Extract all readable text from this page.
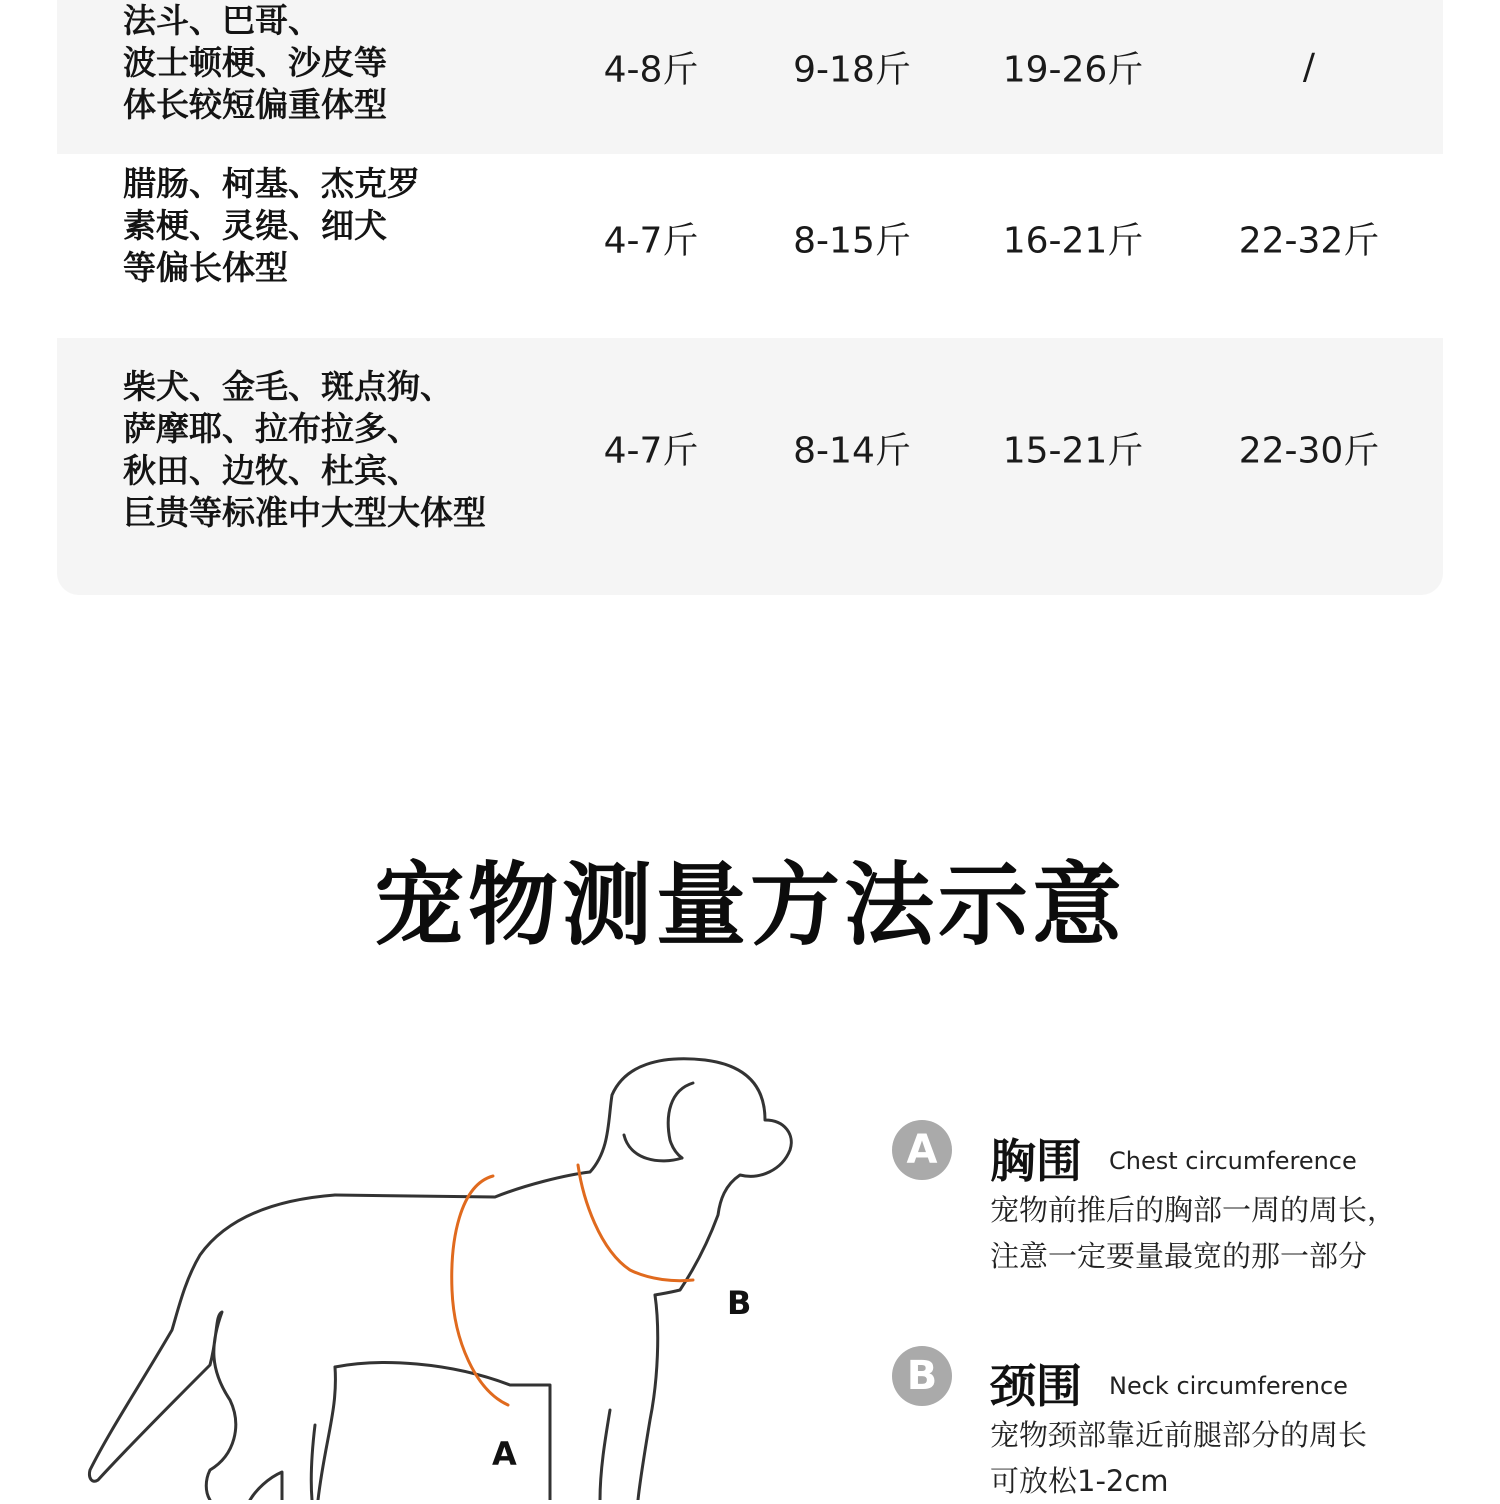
法斗、巴哥、
波士顿梗、沙皮等
体长较短偏重体型
4-8斤	9-18斤	19-26斤	/
腊肠、柯基、杰克罗
素梗、灵缇、细犬
等偏长体型
4-7斤	8-15斤	16-21斤	22-32斤
柴犬、金毛、斑点狗、
萨摩耶、拉布拉多、
秋田、边牧、杜宾、
巨贵等标准中大型大体型
4-7斤	8-14斤	15-21斤	22-30斤
宠物测量方法示意
B
A
A	胸围 Chest circumference
宠物前推后的胸部一周的周长，
注意一定要量最宽的那一部分
B	颈围 Neck circumference
宠物颈部靠近前腿部分的周长
可放松1-2cm
